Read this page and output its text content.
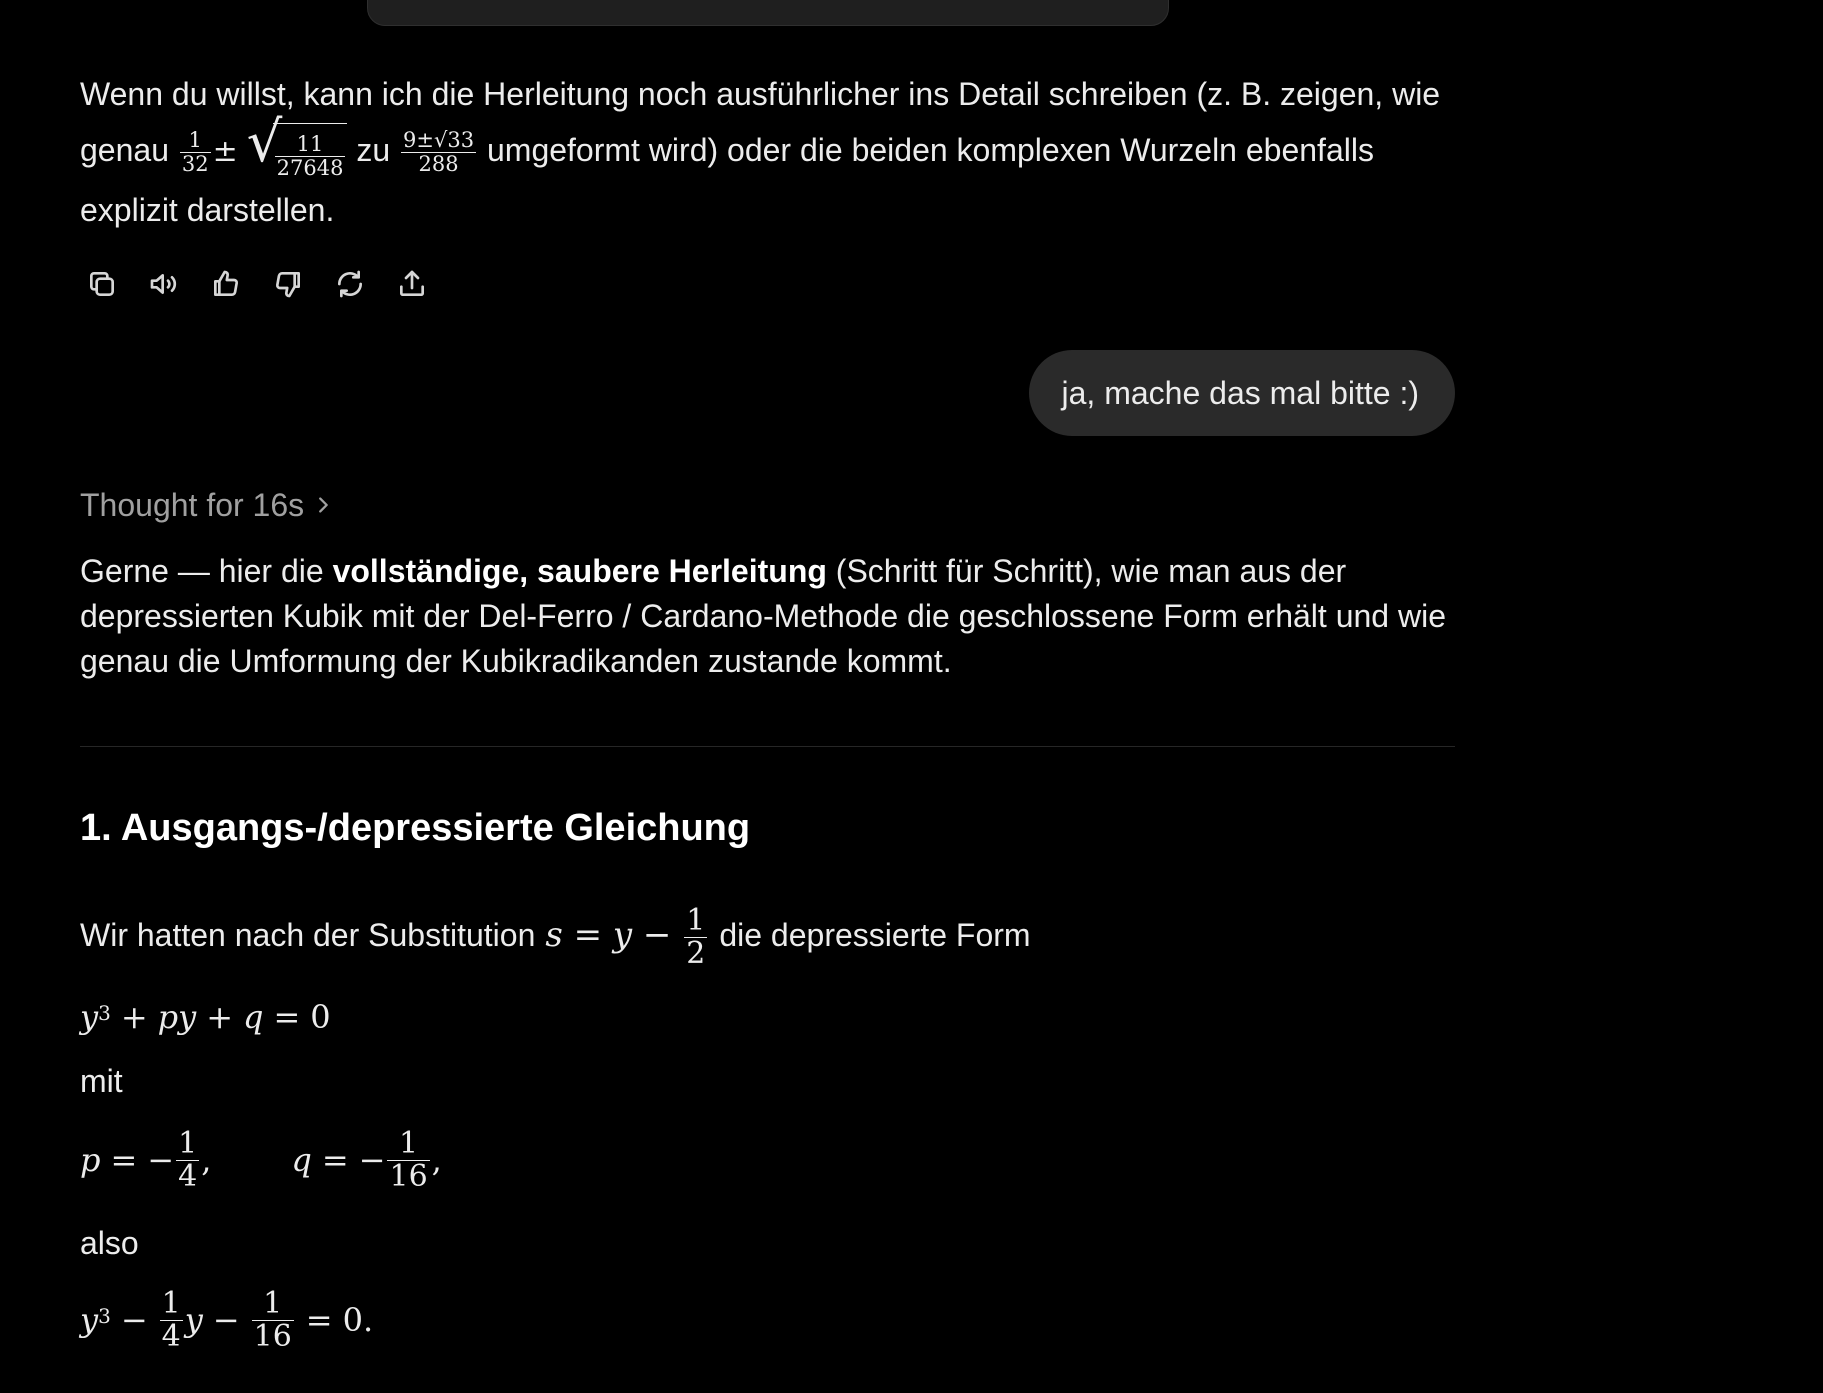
Wenn du willst, kann ich die Herleitung noch ausführlicher ins Detail schreiben (z. B. zeigen, wie genau $\frac{1}{32}$ ± √
$\frac{11}{27648}$ zu $\frac{9\pm√33}{288}$ umgeformt wird) oder die beiden komplexen Wurzeln ebenfalls explizit darstellen.

ja, mache das mal bitte :)
Thought for 16s

Gerne — hier die vollständige, saubere Herleitung (Schritt für Schritt), wie man aus der depressierten Kubik mit der Del-Ferro / Cardano-Methode die geschlossene Form erhält und wie genau die Umformung der Kubikradikanden zustande kommt.

1. Ausgangs-/depressierte Gleichung
Wir hatten nach der Substitution $s = y - \frac{1}{2}$ die depressierte Form
$y^3$ + py + q = 0
mit
p = − $\frac{1}{4}$ ,	q = − $\frac{1}{16}$ ,
also
$y^3 - \frac{1}{4}$ $y - \frac{1}{16} = 0$.
